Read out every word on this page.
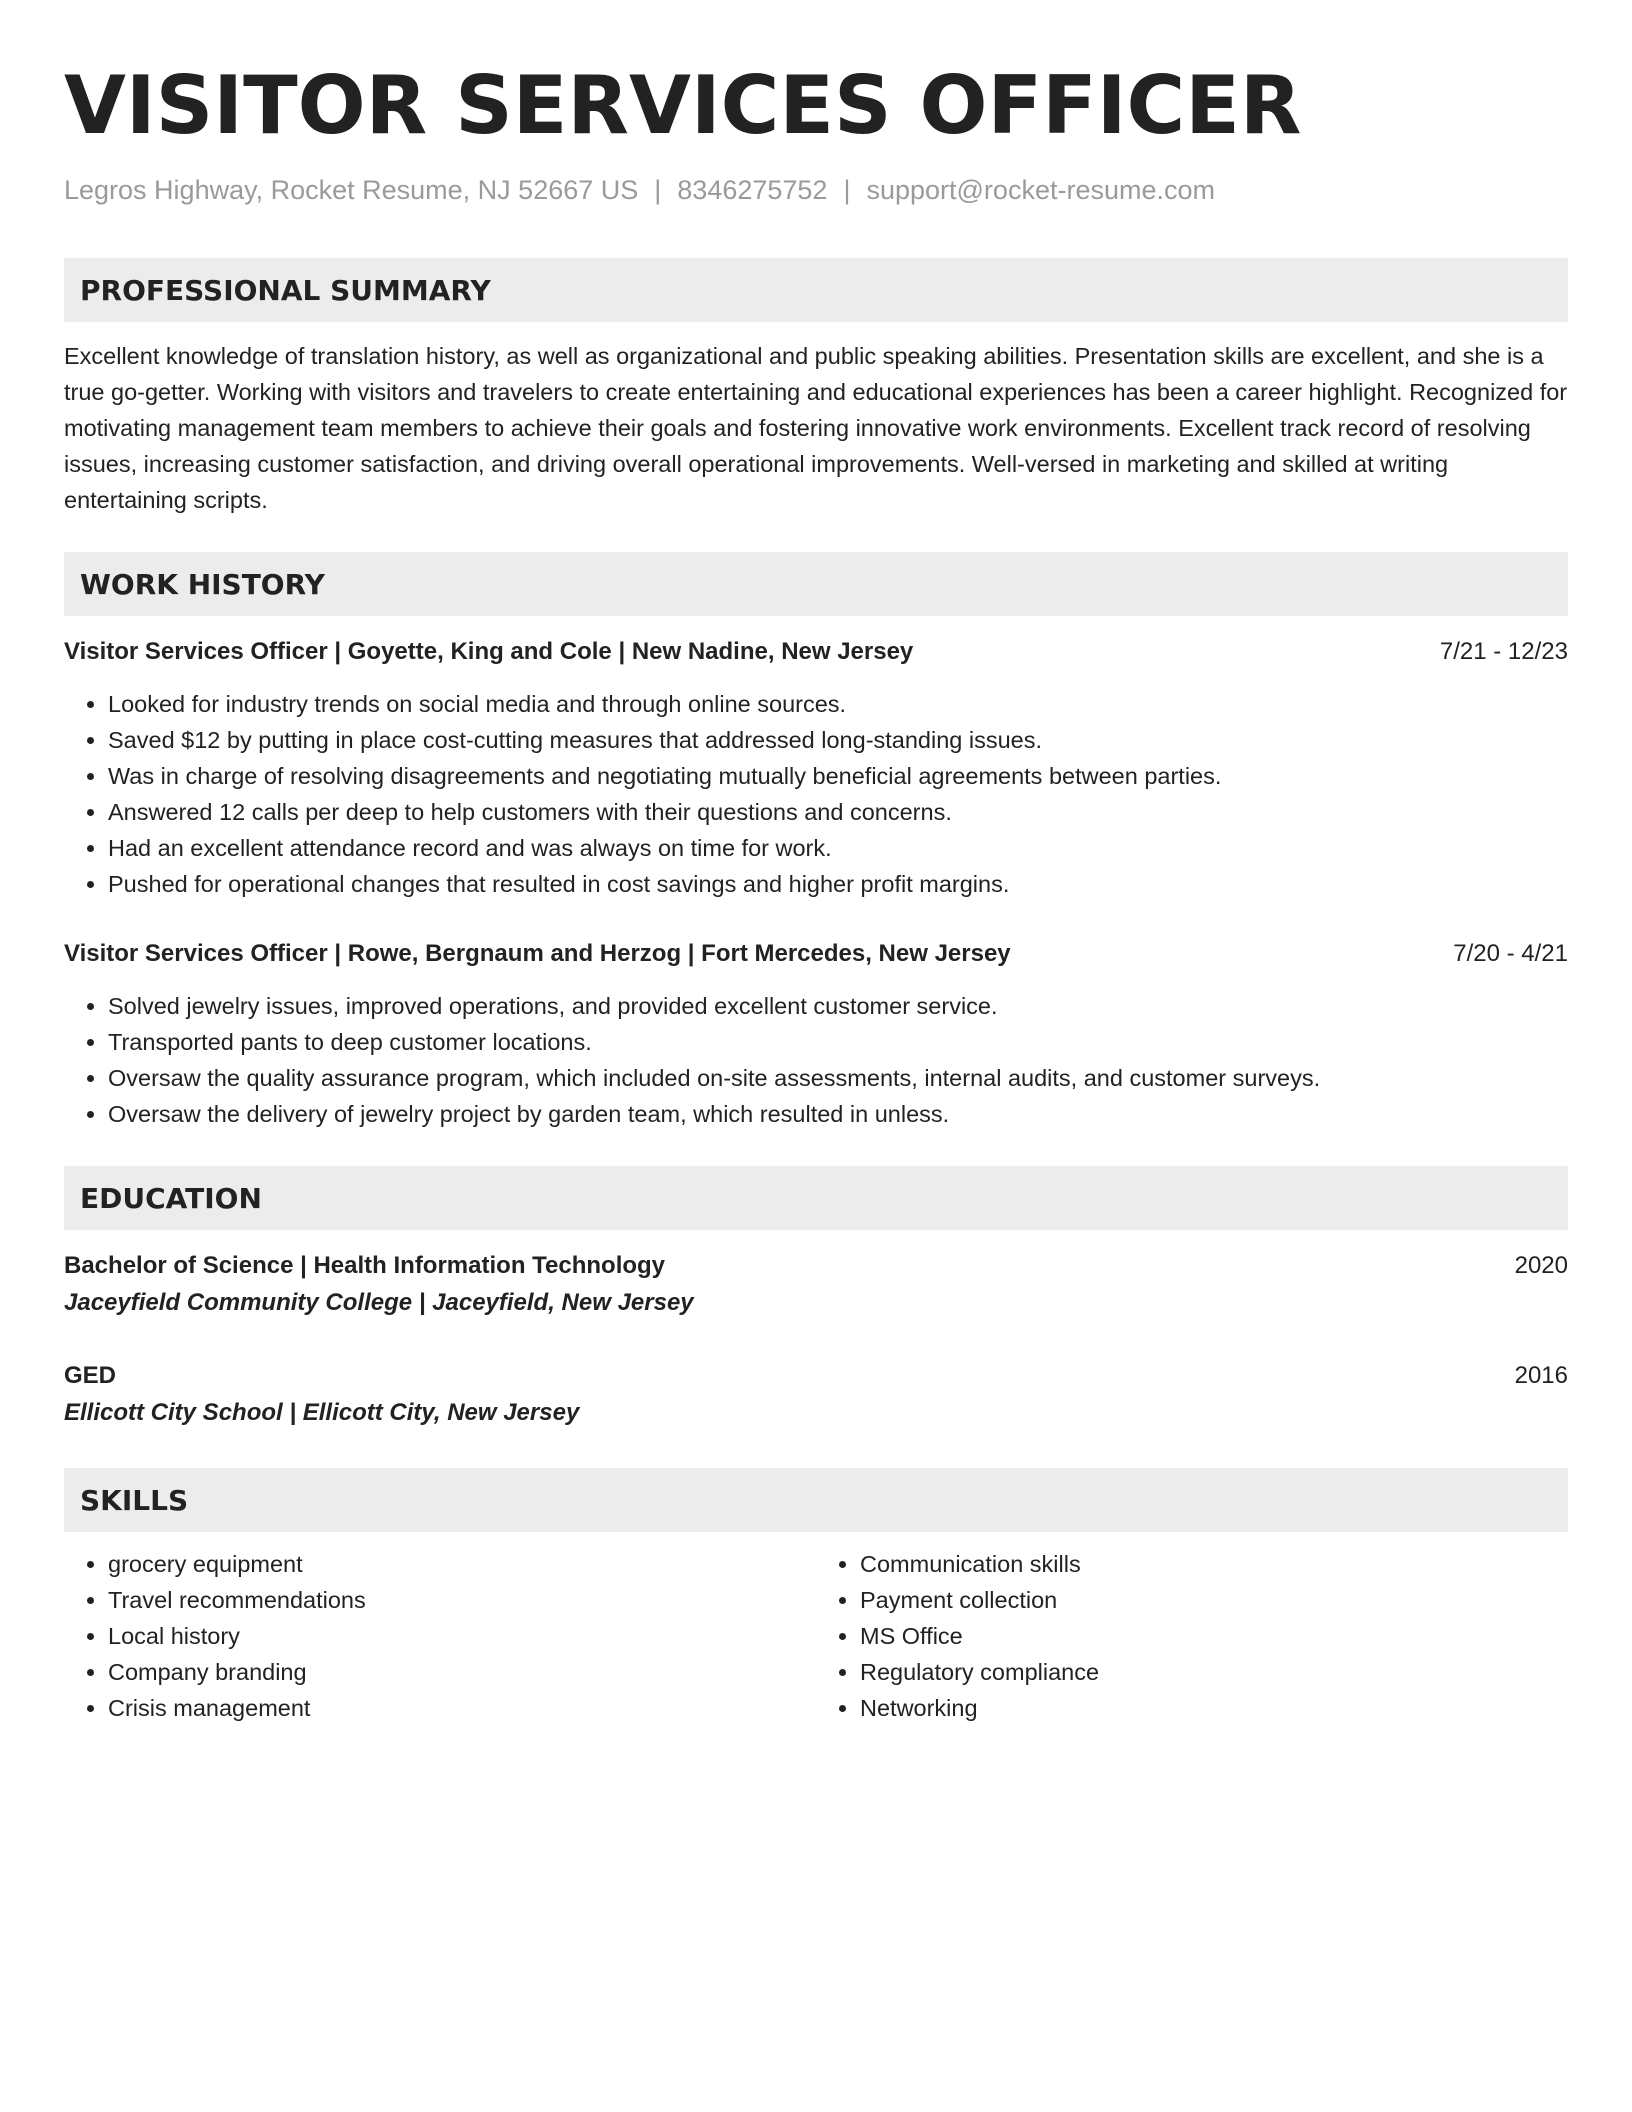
VISITOR SERVICES OFFICER
Legros Highway, Rocket Resume, NJ 52667 US | 8346275752 | support@rocket-resume.com
PROFESSIONAL SUMMARY
Excellent knowledge of translation history, as well as organizational and public speaking abilities. Presentation skills are excellent, and she is a true go-getter. Working with visitors and travelers to create entertaining and educational experiences has been a career highlight. Recognized for motivating management team members to achieve their goals and fostering innovative work environments. Excellent track record of resolving issues, increasing customer satisfaction, and driving overall operational improvements. Well-versed in marketing and skilled at writing entertaining scripts.
WORK HISTORY
Visitor Services Officer | Goyette, King and Cole | New Nadine, New Jersey	7/21 - 12/23
• Looked for industry trends on social media and through online sources.
• Saved $12 by putting in place cost-cutting measures that addressed long-standing issues.
• Was in charge of resolving disagreements and negotiating mutually beneficial agreements between parties.
• Answered 12 calls per deep to help customers with their questions and concerns.
• Had an excellent attendance record and was always on time for work.
• Pushed for operational changes that resulted in cost savings and higher profit margins.
Visitor Services Officer | Rowe, Bergnaum and Herzog | Fort Mercedes, New Jersey	7/20 - 4/21
• Solved jewelry issues, improved operations, and provided excellent customer service.
• Transported pants to deep customer locations.
• Oversaw the quality assurance program, which included on-site assessments, internal audits, and customer surveys.
• Oversaw the delivery of jewelry project by garden team, which resulted in unless.
EDUCATION
Bachelor of Science | Health Information Technology	2020
Jaceyfield Community College | Jaceyfield, New Jersey
GED	2016
Ellicott City School | Ellicott City, New Jersey
SKILLS
• grocery equipment
• Travel recommendations
• Local history
• Company branding
• Crisis management
• Communication skills
• Payment collection
• MS Office
• Regulatory compliance
• Networking
